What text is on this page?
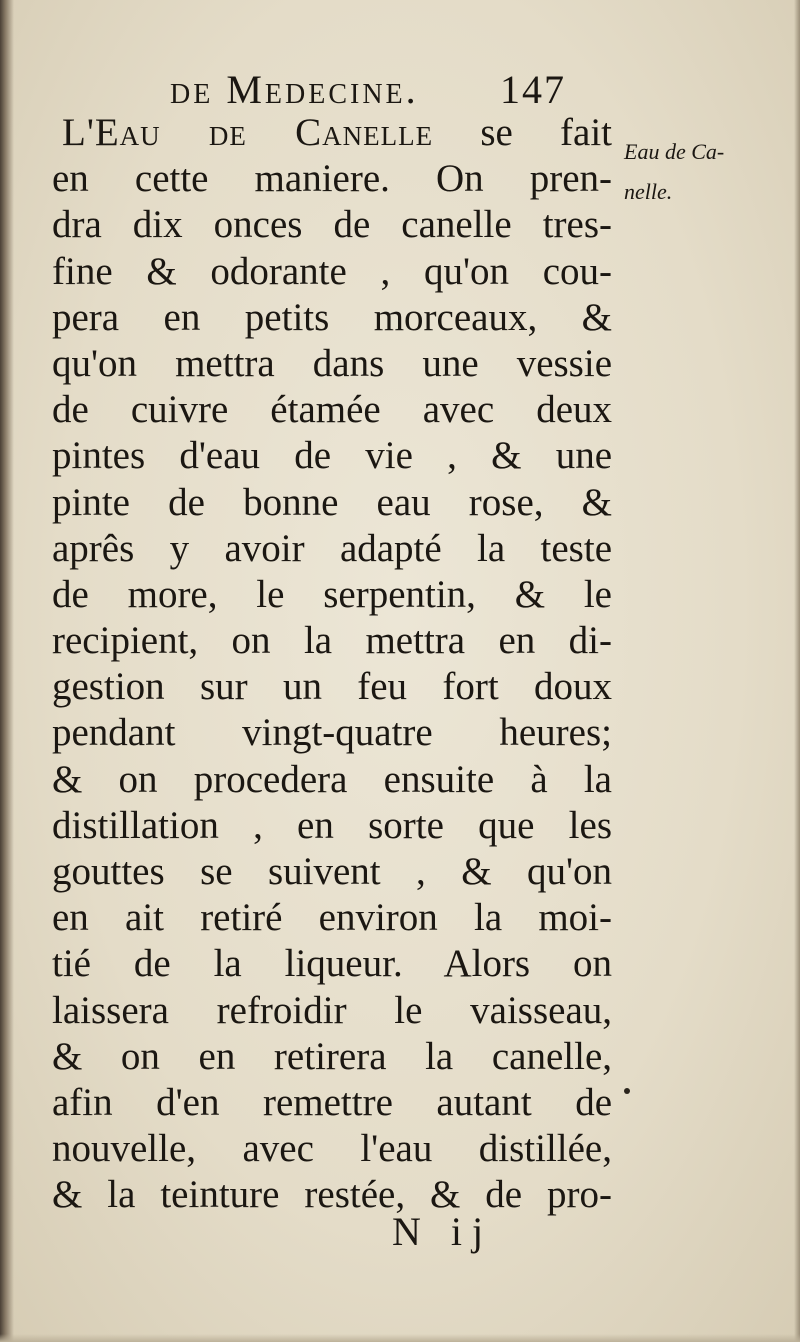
de Medecine. 147
Eau de Ca-
nelle.
L'Eau de Canelle se fait
en cette maniere. On pren-
dra dix onces de canelle tres-
fine & odorante , qu'on cou-
pera en petits morceaux, &
qu'on mettra dans une vessie
de cuivre étamée avec deux
pintes d'eau de vie , & une
pinte de bonne eau rose, &
aprês y avoir adapté la teste
de more, le serpentin, & le
recipient, on la mettra en di-
gestion sur un feu fort doux
pendant vingt-quatre heures;
& on procedera ensuite à la
distillation , en sorte que les
gouttes se suivent , & qu'on
en ait retiré environ la moi-
tié de la liqueur. Alors on
laissera refroidir le vaisseau,
& on en retirera la canelle,
afin d'en remettre autant de
nouvelle, avec l'eau distillée,
& la teinture restée, & de pro-
N ij
